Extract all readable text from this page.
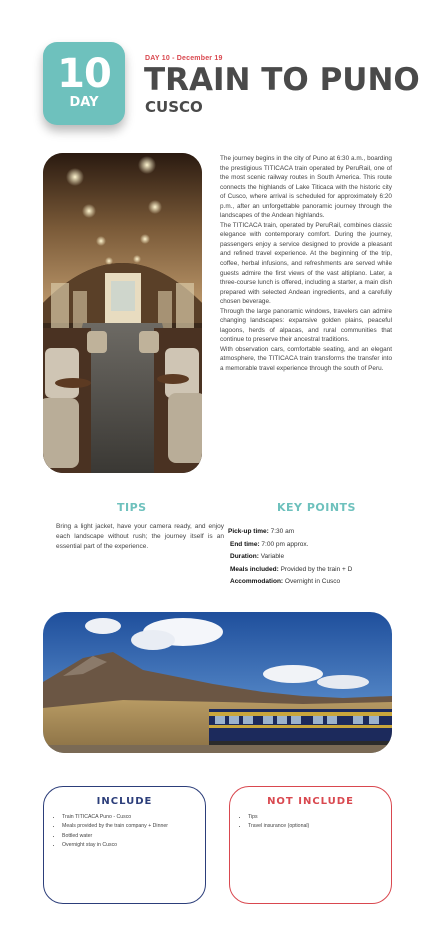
10
DAY
DAY 10 - December 19
TRAIN TO PUNO
CUSCO

The journey begins in the city of Puno at 6:30 a.m., boarding the prestigious TITICACA train operated by PeruRail, one of the most scenic railway routes in South America. This route connects the highlands of Lake Titicaca with the historic city of Cusco, where arrival is scheduled for approximately 6:20 p.m., after an unforgettable panoramic journey through the landscapes of the Andean highlands.

The TITICACA train, operated by PeruRail, combines classic elegance with contemporary comfort. During the journey, passengers enjoy a service designed to provide a pleasant and refined travel experience. At the beginning of the trip, coffee, herbal infusions, and refreshments are served while guests admire the first views of the vast altiplano. Later, a three-course lunch is offered, including a starter, a main dish prepared with selected Andean ingredients, and a carefully chosen beverage.

Through the large panoramic windows, travelers can admire changing landscapes: expansive golden plains, peaceful lagoons, herds of alpacas, and rural communities that continue to preserve their ancestral traditions.

With observation cars, comfortable seating, and an elegant atmosphere, the TITICACA train transforms the transfer into a memorable travel experience through the south of Peru.

TIPS
Bring a light jacket, have your camera ready, and enjoy each landscape without rush; the journey itself is an essential part of the experience.
KEY POINTS
Pick-up time: 7:30 am
End time: 7:00 pm approx.
Duration: Variable
Meals included: Provided by the train + D
Accommodation: Overnight in Cusco
INCLUDE
• Train TITICACA Puno - Cusco
• Meals provided by the train company + Dinner
• Bottled water
• Overnight stay in Cusco
NOT INCLUDE
• Tips
• Travel insurance (optional)
